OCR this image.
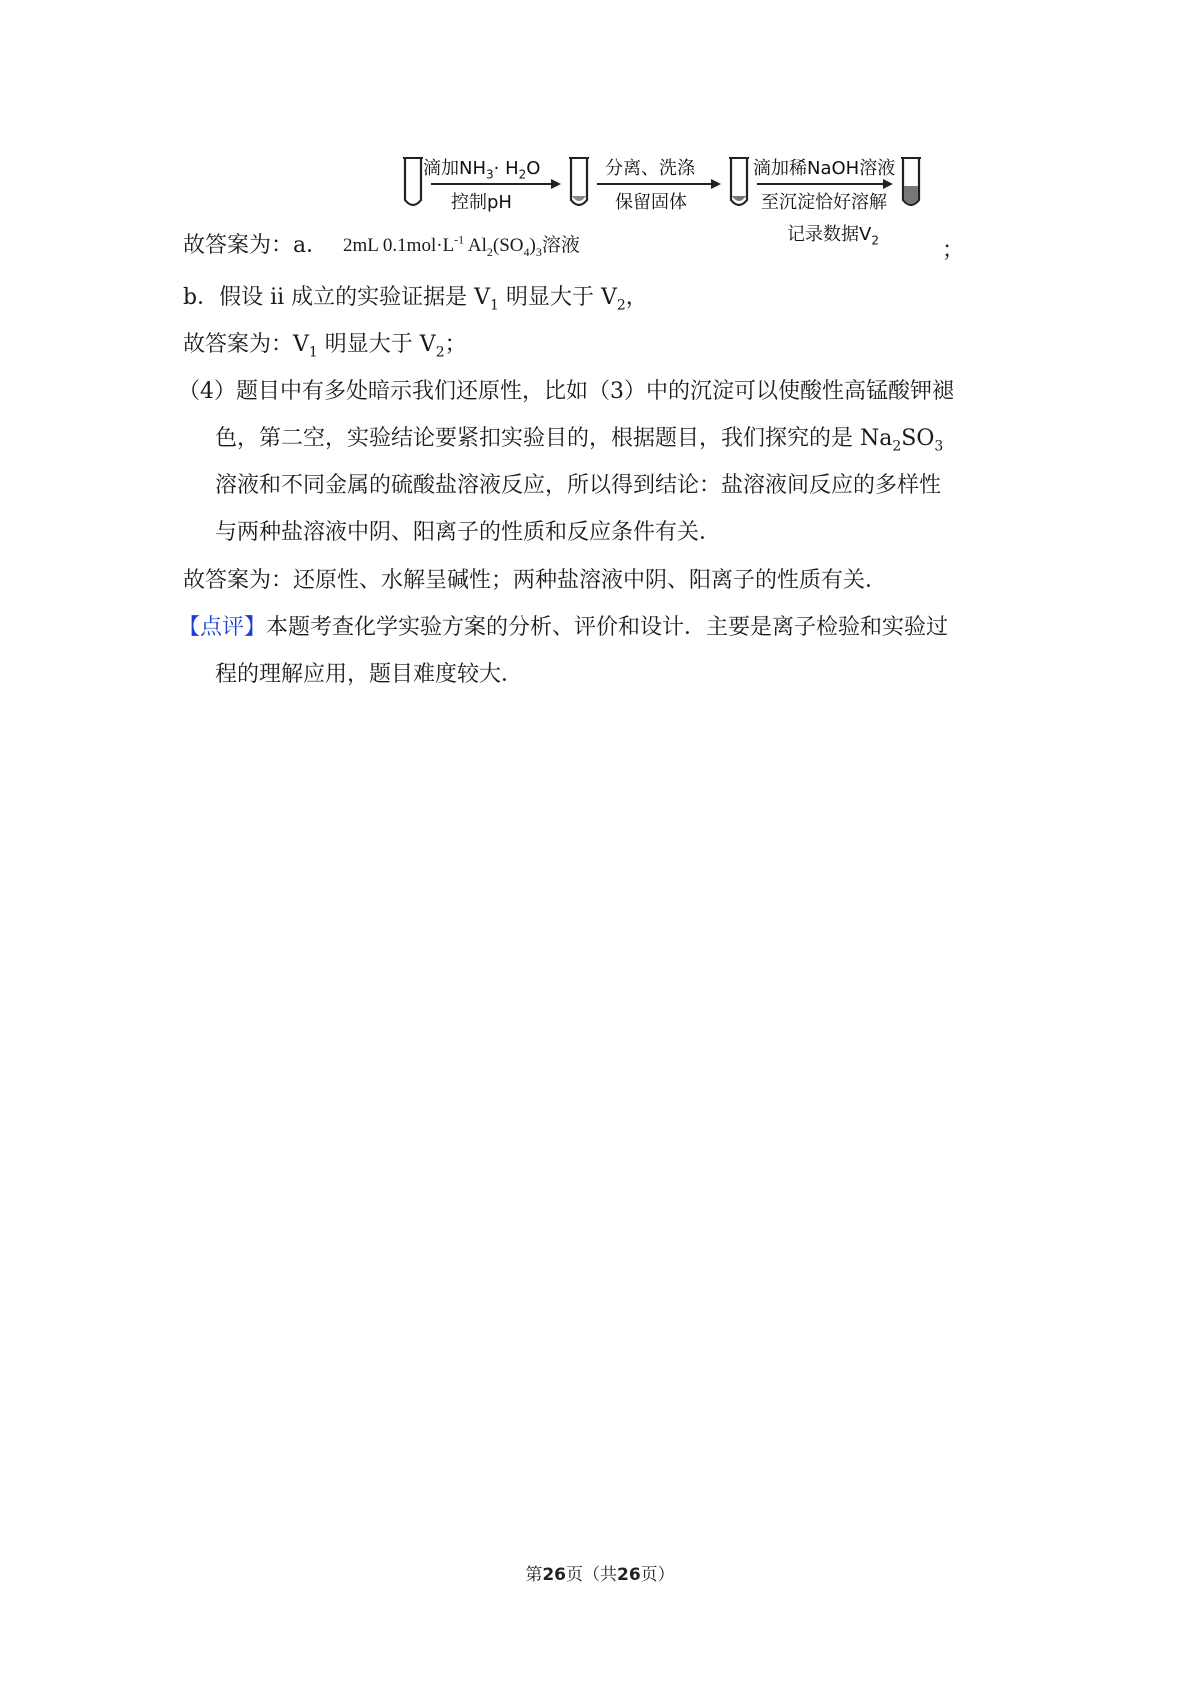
滴加$NH_3\cdot H_2O$
控制pH
分离、洗涤
保留固体
滴加稀NaOH溶液
至沉淀恰好溶解
记录数据$V_2$
2mL $0.1mol\cdot L^{-1}$ $Al_2(SO_4)_3$溶液
故答案为：a．	；
b．假设 ii 成立的实验证据是 $V_1$ 明显大于 $V_2$，
故答案为：$V_1$ 明显大于 $V_2$；
（4）题目中有多处暗示我们还原性，比如（3）中的沉淀可以使酸性高锰酸钾褪
色，第二空，实验结论要紧扣实验目的，根据题目，我们探究的是 $Na_2SO_3$
溶液和不同金属的硫酸盐溶液反应，所以得到结论：盐溶液间反应的多样性
与两种盐溶液中阴、阳离子的性质和反应条件有关．
故答案为：还原性、水解呈碱性；两种盐溶液中阴、阳离子的性质有关．
【点评】本题考查化学实验方案的分析、评价和设计．主要是离子检验和实验过
程的理解应用，题目难度较大．
第26页（共26页）
